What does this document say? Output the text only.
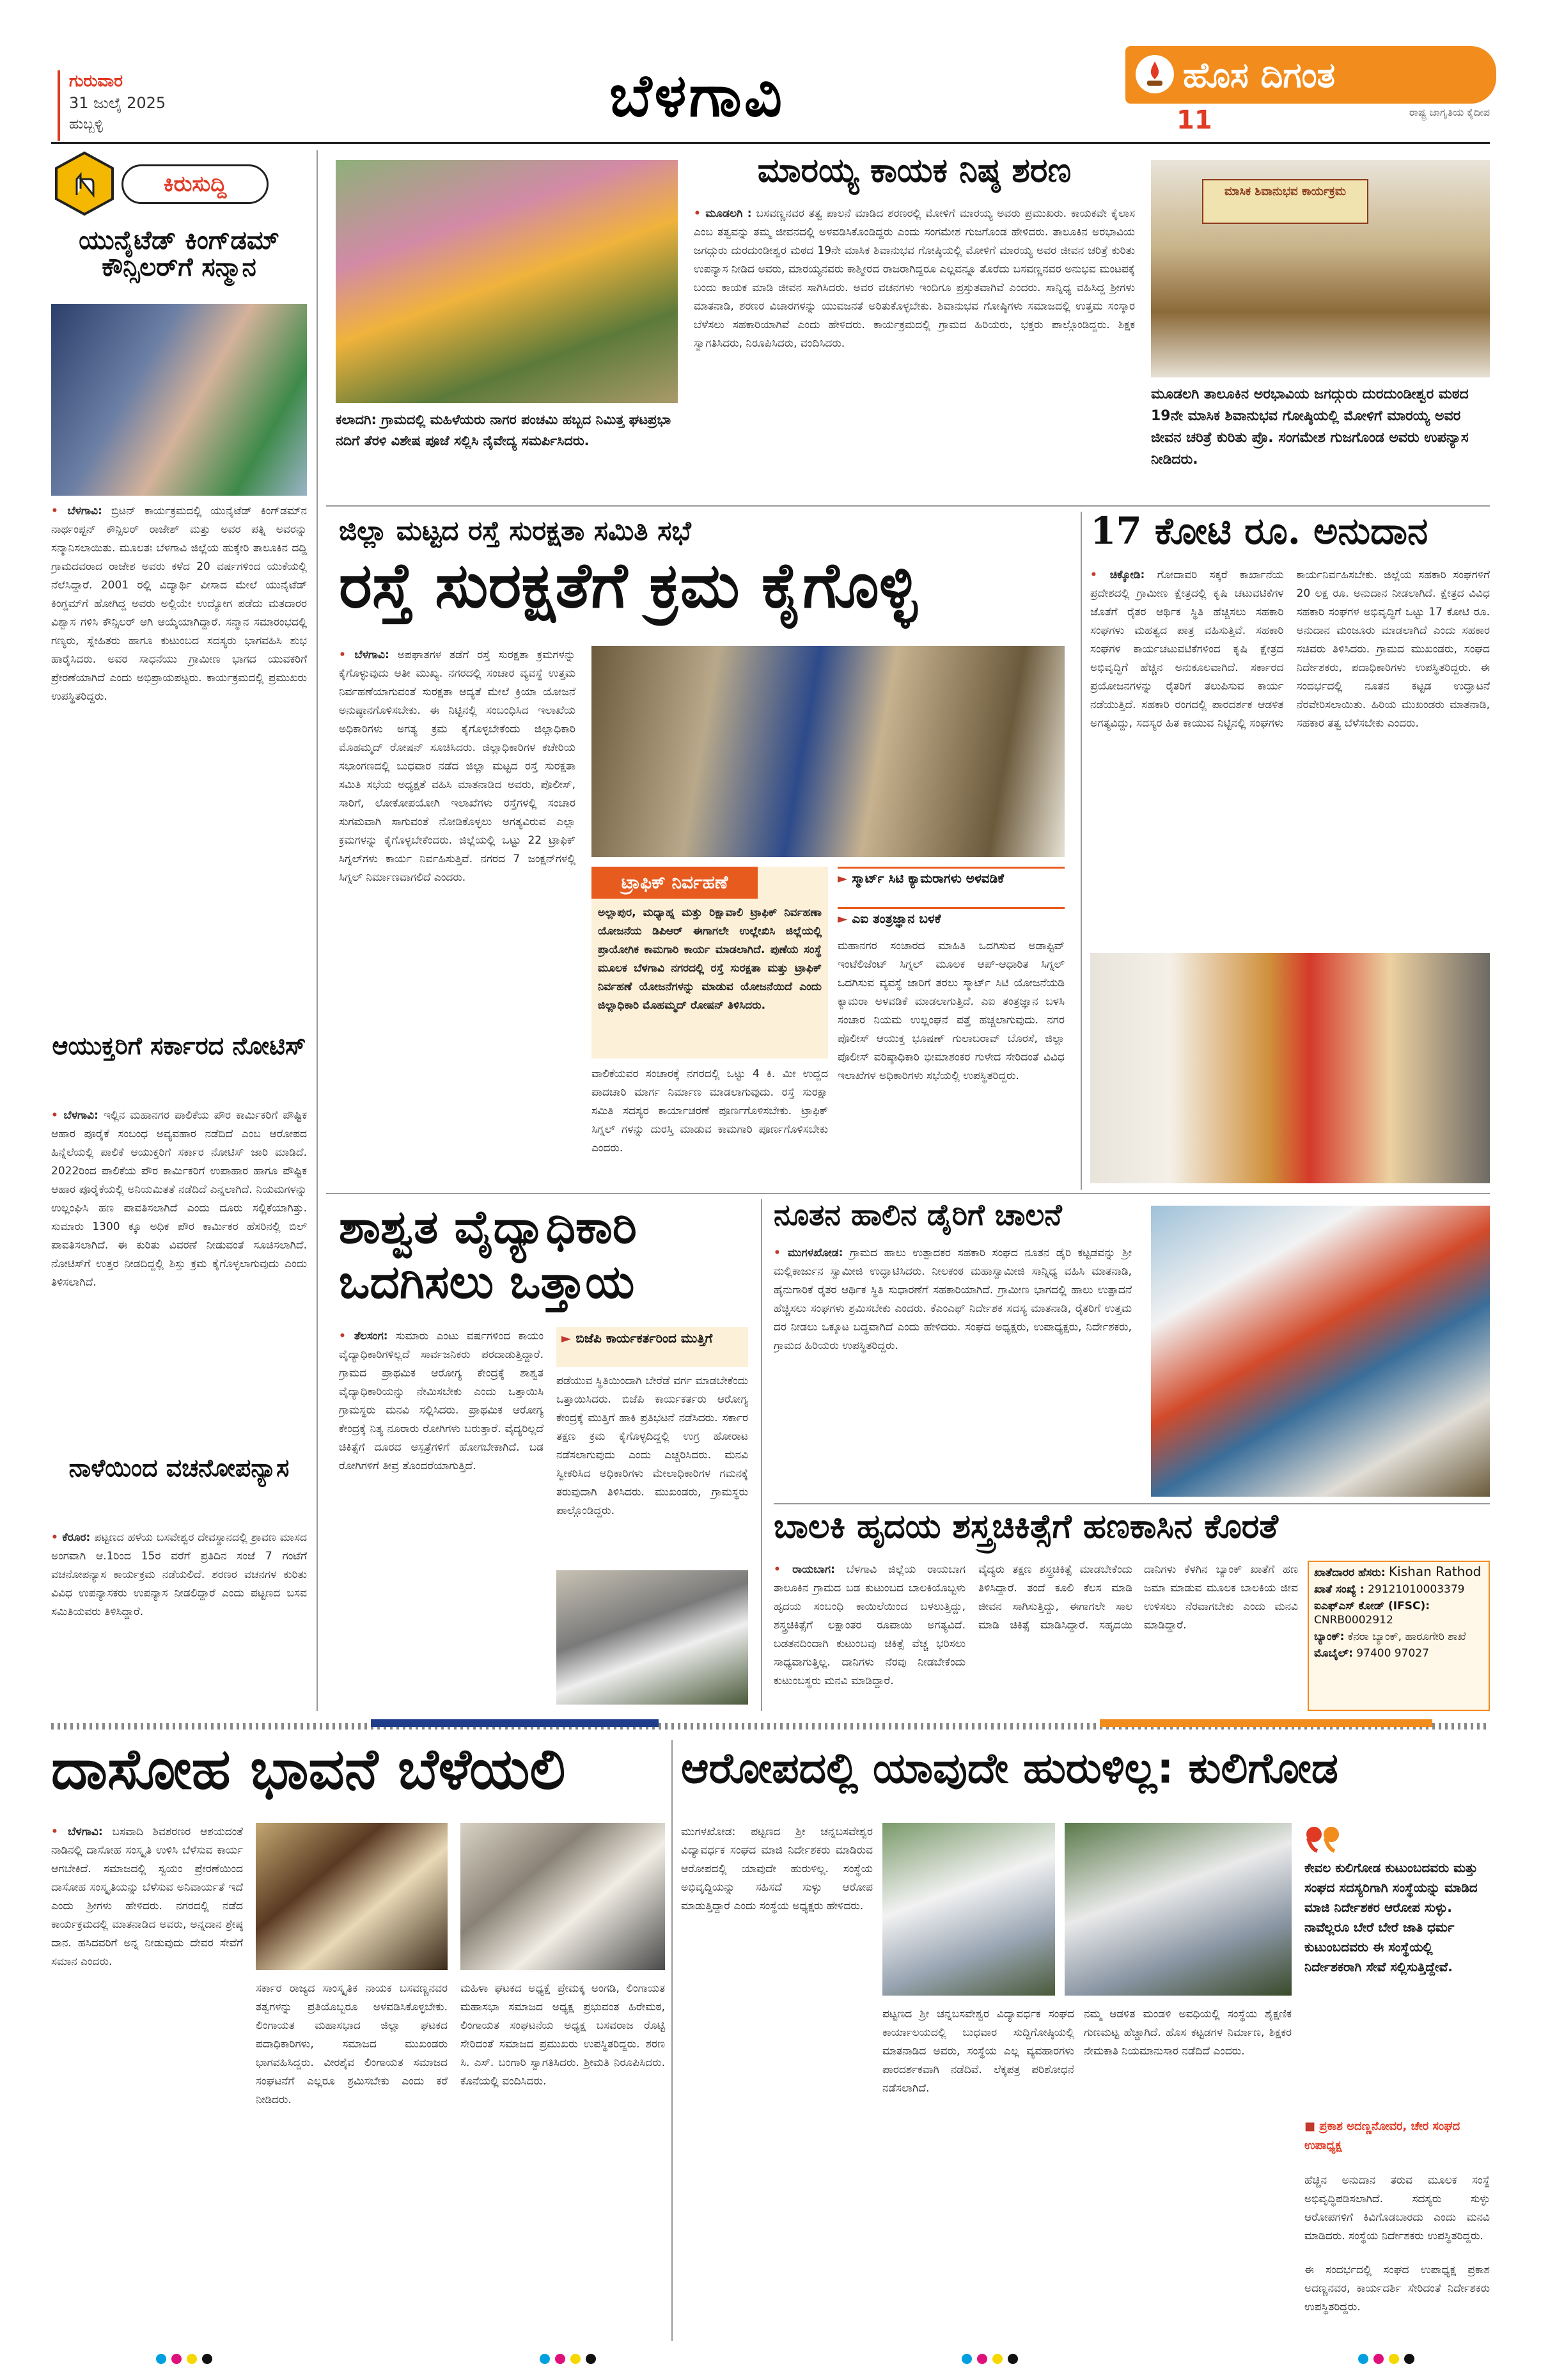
ಗುರುವಾರ
31 ಜುಲೈ 2025
ಹುಬ್ಬಳ್ಳಿ	ಬೆಳಗಾವಿ	ಹೊಸ ದಿಗಂತ
ರಾಷ್ಟ್ರ ಜಾಗೃತಿಯ ಕೈದೀಪ
11
ಕಿರುಸುದ್ದಿ
ಯುನೈಟೆಡ್ ಕಿಂಗ್‌ಡಮ್ ಕೌನ್ಸಿಲರ್‌ಗೆ ಸನ್ಮಾನ
• ಬೆಳಗಾವಿ: ಬ್ರಿಟನ್ ಕಾರ್ಯಕ್ರಮದಲ್ಲಿ ಯುನೈಟೆಡ್ ಕಿಂಗ್‌ಡಮ್‌ನ ನಾರ್ಥಂಪ್ಟನ್ ಕೌನ್ಸಿಲರ್ ರಾಜೇಶ್ ಮತ್ತು ಅವರ ಪತ್ನಿ ಅವರನ್ನು ಸನ್ಮಾನಿಸಲಾಯಿತು. ಮೂಲತಃ ಬೆಳಗಾವಿ ಜಿಲ್ಲೆಯ ಹುಕ್ಕೇರಿ ತಾಲೂಕಿನ ದದ್ದಿ ಗ್ರಾಮದವರಾದ ರಾಜೇಶ ಅವರು ಕಳೆದ 20 ವರ್ಷಗಳಿಂದ ಯುಕೆಯಲ್ಲಿ ನೆಲೆಸಿದ್ದಾರೆ. 2001 ರಲ್ಲಿ ವಿದ್ಯಾರ್ಥಿ ವೀಸಾದ ಮೇಲೆ ಯುನೈಟೆಡ್ ಕಿಂಗ್ಡಮ್‌ಗೆ ಹೋಗಿದ್ದ ಅವರು ಅಲ್ಲಿಯೇ ಉದ್ಯೋಗ ಪಡೆದು ಮತದಾರರ ವಿಶ್ವಾಸ ಗಳಿಸಿ ಕೌನ್ಸಿಲರ್ ಆಗಿ ಆಯ್ಕೆಯಾಗಿದ್ದಾರೆ. ಸನ್ಮಾನ ಸಮಾರಂಭದಲ್ಲಿ ಗಣ್ಯರು, ಸ್ನೇಹಿತರು ಹಾಗೂ ಕುಟುಂಬದ ಸದಸ್ಯರು ಭಾಗವಹಿಸಿ ಶುಭ ಹಾರೈಸಿದರು. ಅವರ ಸಾಧನೆಯು ಗ್ರಾಮೀಣ ಭಾಗದ ಯುವಕರಿಗೆ ಪ್ರೇರಣೆಯಾಗಿದೆ ಎಂದು ಅಭಿಪ್ರಾಯಪಟ್ಟರು. ಕಾರ್ಯಕ್ರಮದಲ್ಲಿ ಪ್ರಮುಖರು ಉಪಸ್ಥಿತರಿದ್ದರು.
ಆಯುಕ್ತರಿಗೆ ಸರ್ಕಾರದ ನೋಟಿಸ್
• ಬೆಳಗಾವಿ: ಇಲ್ಲಿನ ಮಹಾನಗರ ಪಾಲಿಕೆಯ ಪೌರ ಕಾರ್ಮಿಕರಿಗೆ ಪೌಷ್ಟಿಕ ಆಹಾರ ಪೂರೈಕೆ ಸಂಬಂಧ ಅವ್ಯವಹಾರ ನಡೆದಿದೆ ಎಂಬ ಆರೋಪದ ಹಿನ್ನೆಲೆಯಲ್ಲಿ ಪಾಲಿಕೆ ಆಯುಕ್ತರಿಗೆ ಸರ್ಕಾರ ನೋಟಿಸ್ ಜಾರಿ ಮಾಡಿದೆ. 2022ರಿಂದ ಪಾಲಿಕೆಯ ಪೌರ ಕಾರ್ಮಿಕರಿಗೆ ಉಪಾಹಾರ ಹಾಗೂ ಪೌಷ್ಟಿಕ ಆಹಾರ ಪೂರೈಕೆಯಲ್ಲಿ ಅನಿಯಮಿತತೆ ನಡೆದಿದೆ ಎನ್ನಲಾಗಿದೆ. ನಿಯಮಗಳನ್ನು ಉಲ್ಲಂಘಿಸಿ ಹಣ ಪಾವತಿಸಲಾಗಿದೆ ಎಂದು ದೂರು ಸಲ್ಲಿಕೆಯಾಗಿತ್ತು. ಸುಮಾರು 1300 ಕ್ಕೂ ಅಧಿಕ ಪೌರ ಕಾರ್ಮಿಕರ ಹೆಸರಿನಲ್ಲಿ ಬಿಲ್ ಪಾವತಿಸಲಾಗಿದೆ. ಈ ಕುರಿತು ವಿವರಣೆ ನೀಡುವಂತೆ ಸೂಚಿಸಲಾಗಿದೆ. ನೋಟಿಸ್‌ಗೆ ಉತ್ತರ ನೀಡದಿದ್ದಲ್ಲಿ ಶಿಸ್ತು ಕ್ರಮ ಕೈಗೊಳ್ಳಲಾಗುವುದು ಎಂದು ತಿಳಿಸಲಾಗಿದೆ.
ನಾಳೆಯಿಂದ ವಚನೋಪನ್ಯಾಸ
• ಕೆರೂರ: ಪಟ್ಟಣದ ಹಳೆಯ ಬಸವೇಶ್ವರ ದೇವಸ್ಥಾನದಲ್ಲಿ ಶ್ರಾವಣ ಮಾಸದ ಅಂಗವಾಗಿ ಆ.1ರಿಂದ 15ರ ವರೆಗೆ ಪ್ರತಿದಿನ ಸಂಜೆ 7 ಗಂಟೆಗೆ ವಚನೋಪನ್ಯಾಸ ಕಾರ್ಯಕ್ರಮ ನಡೆಯಲಿದೆ. ಶರಣರ ವಚನಗಳ ಕುರಿತು ವಿವಿಧ ಉಪನ್ಯಾಸಕರು ಉಪನ್ಯಾಸ ನೀಡಲಿದ್ದಾರೆ ಎಂದು ಪಟ್ಟಣದ ಬಸವ ಸಮಿತಿಯವರು ತಿಳಿಸಿದ್ದಾರೆ.
ಕಲಾದಗಿ: ಗ್ರಾಮದಲ್ಲಿ ಮಹಿಳೆಯರು ನಾಗರ ಪಂಚಮಿ ಹಬ್ಬದ ನಿಮಿತ್ತ ಘಟಪ್ರಭಾ ನದಿಗೆ ತೆರಳಿ ವಿಶೇಷ ಪೂಜೆ ಸಲ್ಲಿಸಿ ನೈವೇದ್ಯ ಸಮರ್ಪಿಸಿದರು.
ಮಾರಯ್ಯ ಕಾಯಕ ನಿಷ್ಠ ಶರಣ
• ಮೂಡಲಗಿ : ಬಸವಣ್ಣನವರ ತತ್ವ ಪಾಲನೆ ಮಾಡಿದ ಶರಣರಲ್ಲಿ ಮೋಳಿಗೆ ಮಾರಯ್ಯ ಅವರು ಪ್ರಮುಖರು. ಕಾಯಕವೇ ಕೈಲಾಸ ಎಂಬ ತತ್ವವನ್ನು ತಮ್ಮ ಜೀವನದಲ್ಲಿ ಅಳವಡಿಸಿಕೊಂಡಿದ್ದರು ಎಂದು ಸಂಗಮೇಶ ಗುಜಗೊಂಡ ಹೇಳಿದರು. ತಾಲೂಕಿನ ಅರಭಾವಿಯ ಜಗದ್ಗುರು ದುರದುಂಡೀಶ್ವರ ಮಠದ 19ನೇ ಮಾಸಿಕ ಶಿವಾನುಭವ ಗೋಷ್ಠಿಯಲ್ಲಿ ಮೋಳಿಗೆ ಮಾರಯ್ಯ ಅವರ ಜೀವನ ಚರಿತ್ರೆ ಕುರಿತು ಉಪನ್ಯಾಸ ನೀಡಿದ ಅವರು, ಮಾರಯ್ಯನವರು ಕಾಶ್ಮೀರದ ರಾಜರಾಗಿದ್ದರೂ ಎಲ್ಲವನ್ನೂ ತೊರೆದು ಬಸವಣ್ಣನವರ ಅನುಭವ ಮಂಟಪಕ್ಕೆ ಬಂದು ಕಾಯಕ ಮಾಡಿ ಜೀವನ ಸಾಗಿಸಿದರು. ಅವರ ವಚನಗಳು ಇಂದಿಗೂ ಪ್ರಸ್ತುತವಾಗಿವೆ ಎಂದರು. ಸಾನ್ನಿಧ್ಯ ವಹಿಸಿದ್ದ ಶ್ರೀಗಳು ಮಾತನಾಡಿ, ಶರಣರ ವಿಚಾರಗಳನ್ನು ಯುವಜನತೆ ಅರಿತುಕೊಳ್ಳಬೇಕು. ಶಿವಾನುಭವ ಗೋಷ್ಠಿಗಳು ಸಮಾಜದಲ್ಲಿ ಉತ್ತಮ ಸಂಸ್ಕಾರ ಬೆಳೆಸಲು ಸಹಕಾರಿಯಾಗಿವೆ ಎಂದು ಹೇಳಿದರು. ಕಾರ್ಯಕ್ರಮದಲ್ಲಿ ಗ್ರಾಮದ ಹಿರಿಯರು, ಭಕ್ತರು ಪಾಲ್ಗೊಂಡಿದ್ದರು. ಶಿಕ್ಷಕ ಸ್ವಾಗತಿಸಿದರು, ನಿರೂಪಿಸಿದರು, ವಂದಿಸಿದರು.
ಮಾಸಿಕ ಶಿವಾನುಭವ ಕಾರ್ಯಕ್ರಮ
ಮೂಡಲಗಿ ತಾಲೂಕಿನ ಅರಭಾವಿಯ ಜಗದ್ಗುರು ದುರದುಂಡೀಶ್ವರ ಮಠದ 19ನೇ ಮಾಸಿಕ ಶಿವಾನುಭವ ಗೋಷ್ಠಿಯಲ್ಲಿ ಮೋಳಿಗೆ ಮಾರಯ್ಯ ಅವರ ಜೀವನ ಚರಿತ್ರೆ ಕುರಿತು ಪ್ರೊ. ಸಂಗಮೇಶ ಗುಜಗೊಂಡ ಅವರು ಉಪನ್ಯಾಸ ನೀಡಿದರು.
ಜಿಲ್ಲಾ ಮಟ್ಟದ ರಸ್ತೆ ಸುರಕ್ಷತಾ ಸಮಿತಿ ಸಭೆ
ರಸ್ತೆ ಸುರಕ್ಷತೆಗೆ ಕ್ರಮ ಕೈಗೊಳ್ಳಿ
• ಬೆಳಗಾವಿ: ಅಪಘಾತಗಳ ತಡೆಗೆ ರಸ್ತೆ ಸುರಕ್ಷತಾ ಕ್ರಮಗಳನ್ನು ಕೈಗೊಳ್ಳುವುದು ಅತೀ ಮುಖ್ಯ. ನಗರದಲ್ಲಿ ಸಂಚಾರ ವ್ಯವಸ್ಥೆ ಉತ್ತಮ ನಿರ್ವಹಣೆಯಾಗುವಂತೆ ಸುರಕ್ಷತಾ ಆದ್ಯತೆ ಮೇಲೆ ಕ್ರಿಯಾ ಯೋಜನೆ ಅನುಷ್ಠಾನಗೊಳಿಸಬೇಕು. ಈ ನಿಟ್ಟಿನಲ್ಲಿ ಸಂಬಂಧಿಸಿದ ಇಲಾಖೆಯ ಅಧಿಕಾರಿಗಳು ಅಗತ್ಯ ಕ್ರಮ ಕೈಗೊಳ್ಳಬೇಕೆಂದು ಜಿಲ್ಲಾಧಿಕಾರಿ ಮೊಹಮ್ಮದ್ ರೋಷನ್ ಸೂಚಿಸಿದರು. ಜಿಲ್ಲಾಧಿಕಾರಿಗಳ ಕಚೇರಿಯ ಸಭಾಂಗಣದಲ್ಲಿ ಬುಧವಾರ ನಡೆದ ಜಿಲ್ಲಾ ಮಟ್ಟದ ರಸ್ತೆ ಸುರಕ್ಷತಾ ಸಮಿತಿ ಸಭೆಯ ಅಧ್ಯಕ್ಷತೆ ವಹಿಸಿ ಮಾತನಾಡಿದ ಅವರು, ಪೊಲೀಸ್, ಸಾರಿಗೆ, ಲೋಕೋಪಯೋಗಿ ಇಲಾಖೆಗಳು ರಸ್ತೆಗಳಲ್ಲಿ ಸಂಚಾರ ಸುಗಮವಾಗಿ ಸಾಗುವಂತೆ ನೋಡಿಕೊಳ್ಳಲು ಅಗತ್ಯವಿರುವ ಎಲ್ಲಾ ಕ್ರಮಗಳನ್ನು ಕೈಗೊಳ್ಳಬೇಕೆಂದರು. ಜಿಲ್ಲೆಯಲ್ಲಿ ಒಟ್ಟು 22 ಟ್ರಾಫಿಕ್ ಸಿಗ್ನಲ್‌ಗಳು ಕಾರ್ಯ ನಿರ್ವಹಿಸುತ್ತಿವೆ. ನಗರದ 7 ಜಂಕ್ಷನ್‌ಗಳಲ್ಲಿ ಸಿಗ್ನಲ್ ನಿರ್ಮಾಣವಾಗಲಿದೆ ಎಂದರು.	ಟ್ರಾಫಿಕ್ ನಿರ್ವಹಣೆ
ಅಲ್ಲಾಪುರ, ಮಧ್ಯಾಹ್ನ ಮತ್ತು ರಿಕ್ಷಾವಾಲಿ ಟ್ರಾಫಿಕ್ ನಿರ್ವಹಣಾ ಯೋಜನೆಯ ಡಿಪಿಆರ್ ಈಗಾಗಲೇ ಉಲ್ಲೇಖಿಸಿ ಜಿಲ್ಲೆಯಲ್ಲಿ ಪ್ರಾಯೋಗಿಕ ಕಾಮಗಾರಿ ಕಾರ್ಯ ಮಾಡಲಾಗಿದೆ. ಪುಣೆಯ ಸಂಸ್ಥೆ ಮೂಲಕ ಬೆಳಗಾವಿ ನಗರದಲ್ಲಿ ರಸ್ತೆ ಸುರಕ್ಷತಾ ಮತ್ತು ಟ್ರಾಫಿಕ್ ನಿರ್ವಹಣೆ ಯೋಜನೆಗಳನ್ನು ಮಾಡುವ ಯೋಜನೆಯಿದೆ ಎಂದು ಜಿಲ್ಲಾಧಿಕಾರಿ ಮೊಹಮ್ಮದ್ ರೋಷನ್ ತಿಳಿಸಿದರು.
► ಸ್ಮಾರ್ಟ್ ಸಿಟಿ ಕ್ಯಾಮರಾಗಳು ಅಳವಡಿಕೆ
► ಎಐ ತಂತ್ರಜ್ಞಾನ ಬಳಕೆ
ವಾಲಿಕೆಯವರ ಸಂಚಾರಕ್ಕೆ ನಗರದಲ್ಲಿ ಒಟ್ಟು 4 ಕಿ. ಮೀ ಉದ್ದದ ಪಾದಚಾರಿ ಮಾರ್ಗ ನಿರ್ಮಾಣ ಮಾಡಲಾಗುವುದು. ರಸ್ತೆ ಸುರಕ್ಷಾ ಸಮಿತಿ ಸದಸ್ಯರ ಕಾರ್ಯಾಚರಣೆ ಪೂರ್ಣಗೊಳಿಸಬೇಕು. ಟ್ರಾಫಿಕ್ ಸಿಗ್ನಲ್ ಗಳನ್ನು ದುರಸ್ತಿ ಮಾಡುವ ಕಾಮಗಾರಿ ಪೂರ್ಣಗೊಳಿಸಬೇಕು ಎಂದರು.
ಮಹಾನಗರ ಸಂಚಾರದ ಮಾಹಿತಿ ಒದಗಿಸುವ ಅಡಾಪ್ಟಿವ್ ಇಂಟೆಲಿಜೆಂಟ್ ಸಿಗ್ನಲ್ ಮೂಲಕ ಆಪ್-ಆಧಾರಿತ ಸಿಗ್ನಲ್ ಒದಗಿಸುವ ವ್ಯವಸ್ಥೆ ಜಾರಿಗೆ ತರಲು ಸ್ಮಾರ್ಟ್ ಸಿಟಿ ಯೋಜನೆಯಡಿ ಕ್ಯಾಮರಾ ಅಳವಡಿಕೆ ಮಾಡಲಾಗುತ್ತಿದೆ. ಎಐ ತಂತ್ರಜ್ಞಾನ ಬಳಸಿ ಸಂಚಾರ ನಿಯಮ ಉಲ್ಲಂಘನೆ ಪತ್ತೆ ಹಚ್ಚಲಾಗುವುದು. ನಗರ ಪೊಲೀಸ್ ಆಯುಕ್ತ ಭೂಷಣ್ ಗುಲಾಬರಾವ್ ಬೊರಸೆ, ಜಿಲ್ಲಾ ಪೊಲೀಸ್ ವರಿಷ್ಠಾಧಿಕಾರಿ ಭೀಮಾಶಂಕರ ಗುಳೇದ ಸೇರಿದಂತೆ ವಿವಿಧ ಇಲಾಖೆಗಳ ಅಧಿಕಾರಿಗಳು ಸಭೆಯಲ್ಲಿ ಉಪಸ್ಥಿತರಿದ್ದರು.
17 ಕೋಟಿ ರೂ. ಅನುದಾನ
• ಚಿಕ್ಕೋಡಿ: ಗೋದಾವರಿ ಸಕ್ಕರೆ ಕಾರ್ಖಾನೆಯ ಪ್ರದೇಶದಲ್ಲಿ ಗ್ರಾಮೀಣ ಕ್ಷೇತ್ರದಲ್ಲಿ ಕೃಷಿ ಚಟುವಟಿಕೆಗಳ ಜೊತೆಗೆ ರೈತರ ಆರ್ಥಿಕ ಸ್ಥಿತಿ ಹೆಚ್ಚಿಸಲು ಸಹಕಾರಿ ಸಂಘಗಳು ಮಹತ್ವದ ಪಾತ್ರ ವಹಿಸುತ್ತಿವೆ. ಸಹಕಾರಿ ಸಂಘಗಳ ಕಾರ್ಯಚಟುವಟಿಕೆಗಳಿಂದ ಕೃಷಿ ಕ್ಷೇತ್ರದ ಅಭಿವೃದ್ಧಿಗೆ ಹೆಚ್ಚಿನ ಅನುಕೂಲವಾಗಿದೆ. ಸರ್ಕಾರದ ಪ್ರಯೋಜನಗಳನ್ನು ರೈತರಿಗೆ ತಲುಪಿಸುವ ಕಾರ್ಯ ನಡೆಯುತ್ತಿದೆ. ಸಹಕಾರಿ ರಂಗದಲ್ಲಿ ಪಾರದರ್ಶಕ ಆಡಳಿತ ಅಗತ್ಯವಿದ್ದು, ಸದಸ್ಯರ ಹಿತ ಕಾಯುವ ನಿಟ್ಟಿನಲ್ಲಿ ಸಂಘಗಳು ಕಾರ್ಯನಿರ್ವಹಿಸಬೇಕು. ಜಿಲ್ಲೆಯ ಸಹಕಾರಿ ಸಂಘಗಳಿಗೆ 20 ಲಕ್ಷ ರೂ. ಅನುದಾನ ನೀಡಲಾಗಿದೆ. ಕ್ಷೇತ್ರದ ವಿವಿಧ ಸಹಕಾರಿ ಸಂಘಗಳ ಅಭಿವೃದ್ಧಿಗೆ ಒಟ್ಟು 17 ಕೋಟಿ ರೂ. ಅನುದಾನ ಮಂಜೂರು ಮಾಡಲಾಗಿದೆ ಎಂದು ಸಹಕಾರ ಸಚಿವರು ತಿಳಿಸಿದರು. ಗ್ರಾಮದ ಮುಖಂಡರು, ಸಂಘದ ನಿರ್ದೇಶಕರು, ಪದಾಧಿಕಾರಿಗಳು ಉಪಸ್ಥಿತರಿದ್ದರು. ಈ ಸಂದರ್ಭದಲ್ಲಿ ನೂತನ ಕಟ್ಟಡ ಉದ್ಘಾಟನೆ ನೆರವೇರಿಸಲಾಯಿತು. ಹಿರಿಯ ಮುಖಂಡರು ಮಾತನಾಡಿ, ಸಹಕಾರ ತತ್ವ ಬೆಳೆಸಬೇಕು ಎಂದರು.
ಶಾಶ್ವತ ವೈದ್ಯಾಧಿಕಾರಿ ಒದಗಿಸಲು ಒತ್ತಾಯ
• ತೆಲಸಂಗ: ಸುಮಾರು ಎಂಟು ವರ್ಷಗಳಿಂದ ಕಾಯಂ ವೈದ್ಯಾಧಿಕಾರಿಗಳಿಲ್ಲದೆ ಸಾರ್ವಜನಿಕರು ಪರದಾಡುತ್ತಿದ್ದಾರೆ. ಗ್ರಾಮದ ಪ್ರಾಥಮಿಕ ಆರೋಗ್ಯ ಕೇಂದ್ರಕ್ಕೆ ಶಾಶ್ವತ ವೈದ್ಯಾಧಿಕಾರಿಯನ್ನು ನೇಮಿಸಬೇಕು ಎಂದು ಒತ್ತಾಯಿಸಿ ಗ್ರಾಮಸ್ಥರು ಮನವಿ ಸಲ್ಲಿಸಿದರು. ಪ್ರಾಥಮಿಕ ಆರೋಗ್ಯ ಕೇಂದ್ರಕ್ಕೆ ನಿತ್ಯ ನೂರಾರು ರೋಗಿಗಳು ಬರುತ್ತಾರೆ. ವೈದ್ಯರಿಲ್ಲದೆ ಚಿಕಿತ್ಸೆಗೆ ದೂರದ ಆಸ್ಪತ್ರೆಗಳಿಗೆ ಹೋಗಬೇಕಾಗಿದೆ. ಬಡ ರೋಗಿಗಳಿಗೆ ತೀವ್ರ ತೊಂದರೆಯಾಗುತ್ತಿದೆ.
► ಬಿಜೆಪಿ ಕಾರ್ಯಕರ್ತರಿಂದ ಮುತ್ತಿಗೆ
ಪಡೆಯುವ ಸ್ಥಿತಿಯಿಂದಾಗಿ ಬೇರೆಡೆ ವರ್ಗ ಮಾಡಬೇಕೆಂದು ಒತ್ತಾಯಿಸಿದರು. ಬಿಜೆಪಿ ಕಾರ್ಯಕರ್ತರು ಆರೋಗ್ಯ ಕೇಂದ್ರಕ್ಕೆ ಮುತ್ತಿಗೆ ಹಾಕಿ ಪ್ರತಿಭಟನೆ ನಡೆಸಿದರು. ಸರ್ಕಾರ ತಕ್ಷಣ ಕ್ರಮ ಕೈಗೊಳ್ಳದಿದ್ದಲ್ಲಿ ಉಗ್ರ ಹೋರಾಟ ನಡೆಸಲಾಗುವುದು ಎಂದು ಎಚ್ಚರಿಸಿದರು. ಮನವಿ ಸ್ವೀಕರಿಸಿದ ಅಧಿಕಾರಿಗಳು ಮೇಲಾಧಿಕಾರಿಗಳ ಗಮನಕ್ಕೆ ತರುವುದಾಗಿ ತಿಳಿಸಿದರು. ಮುಖಂಡರು, ಗ್ರಾಮಸ್ಥರು ಪಾಲ್ಗೊಂಡಿದ್ದರು.
ನೂತನ ಹಾಲಿನ ಡೈರಿಗೆ ಚಾಲನೆ
• ಮುಗಳಖೋಡ: ಗ್ರಾಮದ ಹಾಲು ಉತ್ಪಾದಕರ ಸಹಕಾರಿ ಸಂಘದ ನೂತನ ಡೈರಿ ಕಟ್ಟಡವನ್ನು ಶ್ರೀ ಮಲ್ಲಿಕಾರ್ಜುನ ಸ್ವಾಮೀಜಿ ಉದ್ಘಾಟಿಸಿದರು. ನೀಲಕಂಠ ಮಹಾಸ್ವಾಮೀಜಿ ಸಾನ್ನಿಧ್ಯ ವಹಿಸಿ ಮಾತನಾಡಿ, ಹೈನುಗಾರಿಕೆ ರೈತರ ಆರ್ಥಿಕ ಸ್ಥಿತಿ ಸುಧಾರಣೆಗೆ ಸಹಕಾರಿಯಾಗಿದೆ. ಗ್ರಾಮೀಣ ಭಾಗದಲ್ಲಿ ಹಾಲು ಉತ್ಪಾದನೆ ಹೆಚ್ಚಿಸಲು ಸಂಘಗಳು ಶ್ರಮಿಸಬೇಕು ಎಂದರು. ಕೆಎಂಎಫ್ ನಿರ್ದೇಶಕ ಸದಸ್ಯ ಮಾತನಾಡಿ, ರೈತರಿಗೆ ಉತ್ತಮ ದರ ನೀಡಲು ಒಕ್ಕೂಟ ಬದ್ಧವಾಗಿದೆ ಎಂದು ಹೇಳಿದರು. ಸಂಘದ ಅಧ್ಯಕ್ಷರು, ಉಪಾಧ್ಯಕ್ಷರು, ನಿರ್ದೇಶಕರು, ಗ್ರಾಮದ ಹಿರಿಯರು ಉಪಸ್ಥಿತರಿದ್ದರು.
ಬಾಲಕಿ ಹೃದಯ ಶಸ್ತ್ರಚಿಕಿತ್ಸೆಗೆ ಹಣಕಾಸಿನ ಕೊರತೆ
• ರಾಯಬಾಗ: ಬೆಳಗಾವಿ ಜಿಲ್ಲೆಯ ರಾಯಬಾಗ ತಾಲೂಕಿನ ಗ್ರಾಮದ ಬಡ ಕುಟುಂಬದ ಬಾಲಕಿಯೊಬ್ಬಳು ಹೃದಯ ಸಂಬಂಧಿ ಕಾಯಿಲೆಯಿಂದ ಬಳಲುತ್ತಿದ್ದು, ಶಸ್ತ್ರಚಿಕಿತ್ಸೆಗೆ ಲಕ್ಷಾಂತರ ರೂಪಾಯಿ ಅಗತ್ಯವಿದೆ. ಬಡತನದಿಂದಾಗಿ ಕುಟುಂಬವು ಚಿಕಿತ್ಸೆ ವೆಚ್ಚ ಭರಿಸಲು ಸಾಧ್ಯವಾಗುತ್ತಿಲ್ಲ. ದಾನಿಗಳು ನೆರವು ನೀಡಬೇಕೆಂದು ಕುಟುಂಬಸ್ಥರು ಮನವಿ ಮಾಡಿದ್ದಾರೆ.
ವೈದ್ಯರು ತಕ್ಷಣ ಶಸ್ತ್ರಚಿಕಿತ್ಸೆ ಮಾಡಬೇಕೆಂದು ತಿಳಿಸಿದ್ದಾರೆ. ತಂದೆ ಕೂಲಿ ಕೆಲಸ ಮಾಡಿ ಜೀವನ ಸಾಗಿಸುತ್ತಿದ್ದು, ಈಗಾಗಲೇ ಸಾಲ ಮಾಡಿ ಚಿಕಿತ್ಸೆ ಮಾಡಿಸಿದ್ದಾರೆ. ಸಹೃದಯಿ ದಾನಿಗಳು ಕೆಳಗಿನ ಬ್ಯಾಂಕ್ ಖಾತೆಗೆ ಹಣ ಜಮಾ ಮಾಡುವ ಮೂಲಕ ಬಾಲಕಿಯ ಜೀವ ಉಳಿಸಲು ನೆರವಾಗಬೇಕು ಎಂದು ಮನವಿ ಮಾಡಿದ್ದಾರೆ.
ಖಾತೆದಾರರ ಹೆಸರು: Kishan Rathod
ಖಾತೆ ಸಂಖ್ಯೆ : 29121010003379
ಐಎಫ್ಎಸ್ ಕೋಡ್ (IFSC): CNRB0002912
ಬ್ಯಾಂಕ್: ಕೆನರಾ ಬ್ಯಾಂಕ್, ಹಾರೂಗೇರಿ ಶಾಖೆ
ಮೊಬೈಲ್: 97400 97027
ದಾಸೋಹ ಭಾವನೆ ಬೆಳೆಯಲಿ
• ಬೆಳಗಾವಿ: ಬಸವಾದಿ ಶಿವಶರಣರ ಆಶಯದಂತೆ ನಾಡಿನಲ್ಲಿ ದಾಸೋಹ ಸಂಸ್ಕೃತಿ ಉಳಿಸಿ ಬೆಳೆಸುವ ಕಾರ್ಯ ಆಗಬೇಕಿದೆ. ಸಮಾಜದಲ್ಲಿ ಸ್ವಯಂ ಪ್ರೇರಣೆಯಿಂದ ದಾಸೋಹ ಸಂಸ್ಕೃತಿಯನ್ನು ಬೆಳೆಸುವ ಅನಿವಾರ್ಯತೆ ಇದೆ ಎಂದು ಶ್ರೀಗಳು ಹೇಳಿದರು. ನಗರದಲ್ಲಿ ನಡೆದ ಕಾರ್ಯಕ್ರಮದಲ್ಲಿ ಮಾತನಾಡಿದ ಅವರು, ಅನ್ನದಾನ ಶ್ರೇಷ್ಠ ದಾನ. ಹಸಿದವರಿಗೆ ಅನ್ನ ನೀಡುವುದು ದೇವರ ಸೇವೆಗೆ ಸಮಾನ ಎಂದರು.
ಸರ್ಕಾರ ರಾಜ್ಯದ ಸಾಂಸ್ಕೃತಿಕ ನಾಯಕ ಬಸವಣ್ಣನವರ ತತ್ವಗಳನ್ನು ಪ್ರತಿಯೊಬ್ಬರೂ ಅಳವಡಿಸಿಕೊಳ್ಳಬೇಕು. ಲಿಂಗಾಯತ ಮಹಾಸಭಾದ ಜಿಲ್ಲಾ ಘಟಕದ ಪದಾಧಿಕಾರಿಗಳು, ಸಮಾಜದ ಮುಖಂಡರು ಭಾಗವಹಿಸಿದ್ದರು. ವೀರಶೈವ ಲಿಂಗಾಯತ ಸಮಾಜದ ಸಂಘಟನೆಗೆ ಎಲ್ಲರೂ ಶ್ರಮಿಸಬೇಕು ಎಂದು ಕರೆ ನೀಡಿದರು.
ಮಹಿಳಾ ಘಟಕದ ಅಧ್ಯಕ್ಷೆ ಪ್ರೇಮಕ್ಕ ಅಂಗಡಿ, ಲಿಂಗಾಯತ ಮಹಾಸಭಾ ಸಮಾಜದ ಅಧ್ಯಕ್ಷ ಪ್ರಭುವಂತ ಹಿರೇಮಠ, ಲಿಂಗಾಯತ ಸಂಘಟನೆಯ ಅಧ್ಯಕ್ಷ ಬಸವರಾಜ ರೊಟ್ಟಿ ಸೇರಿದಂತೆ ಸಮಾಜದ ಪ್ರಮುಖರು ಉಪಸ್ಥಿತರಿದ್ದರು. ಶರಣ ಸಿ. ಎಸ್. ಬಂಗಾರಿ ಸ್ವಾಗತಿಸಿದರು. ಶ್ರೀಮತಿ ನಿರೂಪಿಸಿದರು. ಕೊನೆಯಲ್ಲಿ ವಂದಿಸಿದರು.
ಆರೋಪದಲ್ಲಿ ಯಾವುದೇ ಹುರುಳಿಲ್ಲ: ಕುಲಿಗೋಡ
ಮುಗಳಖೋಡ: ಪಟ್ಟಣದ ಶ್ರೀ ಚನ್ನಬಸವೇಶ್ವರ ವಿದ್ಯಾವರ್ಧಕ ಸಂಘದ ಮಾಜಿ ನಿರ್ದೇಶಕರು ಮಾಡಿರುವ ಆರೋಪದಲ್ಲಿ ಯಾವುದೇ ಹುರುಳಿಲ್ಲ. ಸಂಸ್ಥೆಯ ಅಭಿವೃದ್ಧಿಯನ್ನು ಸಹಿಸದೆ ಸುಳ್ಳು ಆರೋಪ ಮಾಡುತ್ತಿದ್ದಾರೆ ಎಂದು ಸಂಸ್ಥೆಯ ಅಧ್ಯಕ್ಷರು ಹೇಳಿದರು.
ಪಟ್ಟಣದ ಶ್ರೀ ಚನ್ನಬಸವೇಶ್ವರ ವಿದ್ಯಾವರ್ಧಕ ಸಂಘದ ಕಾರ್ಯಾಲಯದಲ್ಲಿ ಬುಧವಾರ ಸುದ್ದಿಗೋಷ್ಠಿಯಲ್ಲಿ ಮಾತನಾಡಿದ ಅವರು, ಸಂಸ್ಥೆಯ ಎಲ್ಲ ವ್ಯವಹಾರಗಳು ಪಾರದರ್ಶಕವಾಗಿ ನಡೆದಿವೆ. ಲೆಕ್ಕಪತ್ರ ಪರಿಶೋಧನೆ ನಡೆಸಲಾಗಿದೆ.
ನಮ್ಮ ಆಡಳಿತ ಮಂಡಳಿ ಅವಧಿಯಲ್ಲಿ ಸಂಸ್ಥೆಯ ಶೈಕ್ಷಣಿಕ ಗುಣಮಟ್ಟ ಹೆಚ್ಚಾಗಿದೆ. ಹೊಸ ಕಟ್ಟಡಗಳ ನಿರ್ಮಾಣ, ಶಿಕ್ಷಕರ ನೇಮಕಾತಿ ನಿಯಮಾನುಸಾರ ನಡೆದಿದೆ ಎಂದರು.
ಕೇವಲ ಕುಲಿಗೋಡ ಕುಟುಂಬದವರು ಮತ್ತು ಸಂಘದ ಸದಸ್ಯರಿಗಾಗಿ ಸಂಸ್ಥೆಯನ್ನು ಮಾಡಿದ ಮಾಜಿ ನಿರ್ದೇಶಕರ ಆರೋಪ ಸುಳ್ಳು. ನಾವೆಲ್ಲರೂ ಬೇರೆ ಬೇರೆ ಜಾತಿ ಧರ್ಮ ಕುಟುಂಬದವರು ಈ ಸಂಸ್ಥೆಯಲ್ಲಿ ನಿರ್ದೇಶಕರಾಗಿ ಸೇವೆ ಸಲ್ಲಿಸುತ್ತಿದ್ದೇವೆ.
■ ಪ್ರಕಾಶ ಅದಣ್ಣನೋವರ, ಚೇರ ಸಂಘದ ಉಪಾಧ್ಯಕ್ಷ
ಹೆಚ್ಚಿನ ಅನುದಾನ ತರುವ ಮೂಲಕ ಸಂಸ್ಥೆ ಅಭಿವೃದ್ಧಿಪಡಿಸಲಾಗಿದೆ. ಸದಸ್ಯರು ಸುಳ್ಳು ಆರೋಪಗಳಿಗೆ ಕಿವಿಗೊಡಬಾರದು ಎಂದು ಮನವಿ ಮಾಡಿದರು. ಸಂಸ್ಥೆಯ ನಿರ್ದೇಶಕರು ಉಪಸ್ಥಿತರಿದ್ದರು.
ಈ ಸಂದರ್ಭದಲ್ಲಿ ಸಂಘದ ಉಪಾಧ್ಯಕ್ಷ ಪ್ರಕಾಶ ಅದಣ್ಣನವರ, ಕಾರ್ಯದರ್ಶಿ ಸೇರಿದಂತೆ ನಿರ್ದೇಶಕರು ಉಪಸ್ಥಿತರಿದ್ದರು.
